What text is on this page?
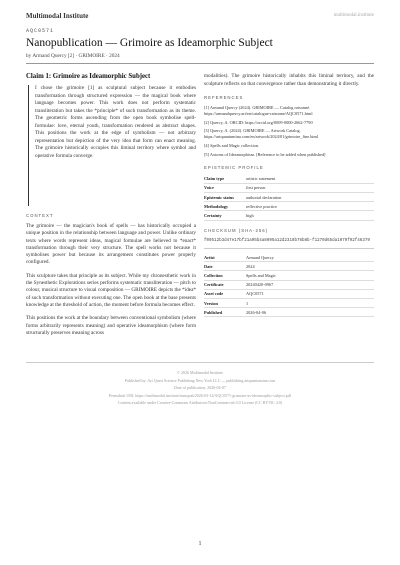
Multimodal Institute	multimodal.institute
AQC0571
Nanopublication — Grimoire as Ideamorphic Subject
by Armand Quercy [2] · GRIMOIRE · 2024
Claim 1: Grimoire as Ideamorphic Subject
I chose the grimoire [1] as sculptural subject because it embodies transformation through structured expression — the magical book where language becomes power. This work does not perform systematic transliteration but takes the *principle* of such transformation as its theme. The geometric forms ascending from the open book symbolise spell-formulae: love, eternal youth, transformation rendered as abstract shapes. This positions the work at the edge of symbolism — not arbitrary representation but depiction of the very idea that form can enact meaning. The grimoire historically occupies this liminal territory where symbol and operative formula converge.
CONTEXT

The grimoire — the magician's book of spells — has historically occupied a unique position in the relationship between language and power. Unlike ordinary texts where words represent ideas, magical formulae are believed to *enact* transformation through their very structure. The spell works not because it symbolises power but because its arrangement constitutes power properly configured.

This sculpture takes that principle as its subject. While my chronesthetic work in the Synesthetic Explorations series performs systematic transliteration — pitch to colour, musical structure to visual composition — GRIMOIRE depicts the *idea* of such transformation without executing one. The open book at the base presents knowledge at the threshold of action, the moment before formula becomes effect.

This positions the work at the boundary between conventional symbolism (where forms arbitrarily represents meaning) and operative ideamorphism (where form structurally preserves meaning across

modalities). The grimoire historically inhabits this liminal territory, and the sculpture reflects on that convergence rather than demonstrating it directly.

REFERENCES
[1] Armand Quercy (2024). GRIMOIRE — Catalog raisonné. https://armandquercy.art/en/catalogue-raisonne/AQC0571.html
[2] Quercy, A. ORCID: https://orcid.org/0009-0000-2662-7790
[3] Quercy, A. (2024). GRIMOIRE — Artwork Catalog. https://artquantumina.com/en/artwork/2024/01/grimoire_fine.html
[4] Spells and Magic collection.
[5] Axioms of Ideamorphism. [Reference to be added when published]
EPISTEMIC PROFILE
Claim type	artistic statement
Voice	first person
Epistemic status	authorial declaration
Methodology	reflective practice
Certainty	high
CHECKSUM (SHA-256)
f09512b3d47e17bf21a95b4a8095a12d2318b76b8b-f1270d65da1079f92f46379
Artist	Armand Quercy
Date	2024
Collection	Spells and Magic
Certificate	20240420-0967
Asset code	AQC0571
Version	1
Published	2026-04-06
© 2026 Multimodal Institute
Published by: Art Quest Science Publishing New York LLC — publishing.artquantumina.com
Date of publication: 2026-04-07
Permalink URI: https://multimodal.institute/nanopub/2026-03-14/AQC0571-grimoire-as-ideamorphic-subject.pdf
Content available under Creative Commons Attribution-NonCommercial 4.0 License (CC BY-NC 4.0)
1
